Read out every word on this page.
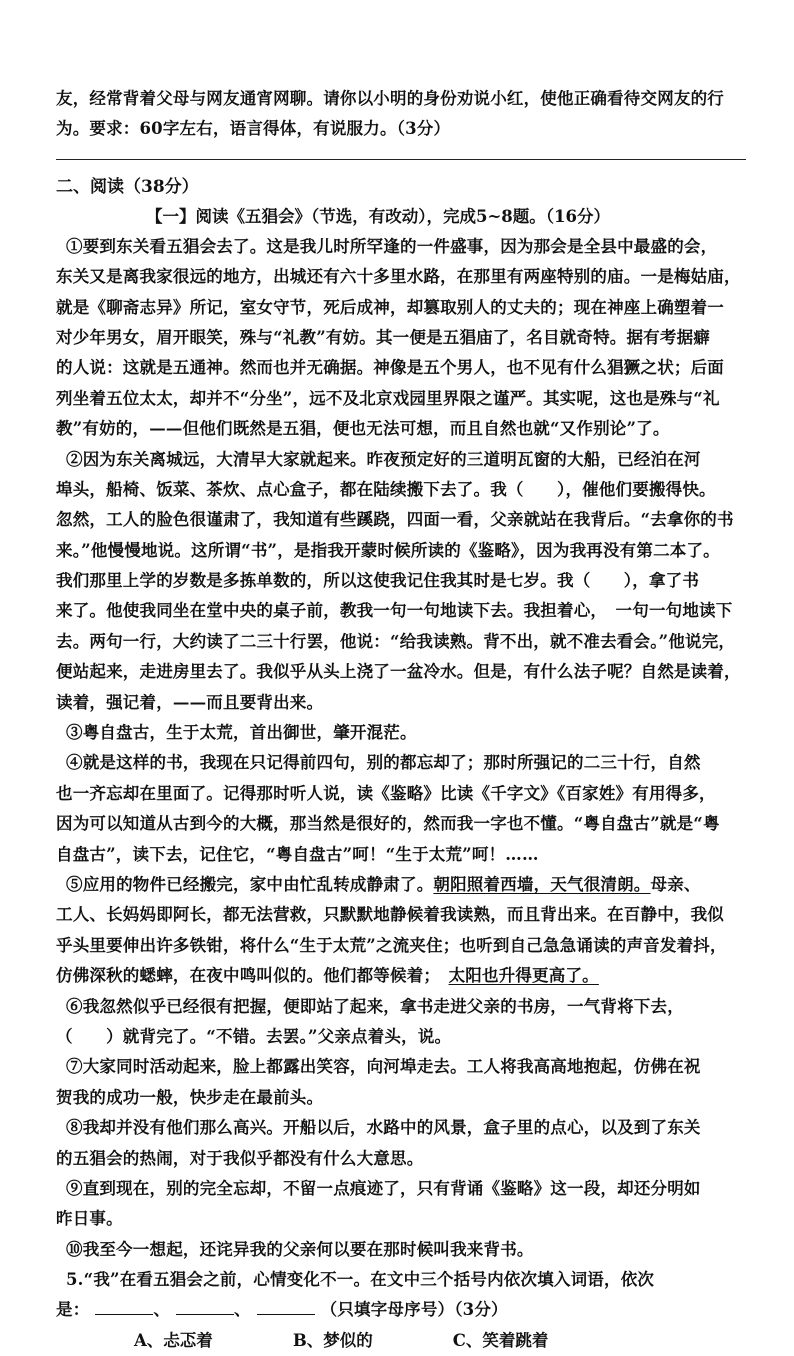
友，经常背着父母与网友通宵网聊。请你以小明的身份劝说小红，使他正确看待交网友的行
为。要求：60字左右，语言得体，有说服力。（3分）
二、阅读（38分）
【一】阅读《五猖会》（节选，有改动），完成5~8题。（16分）
①要到东关看五猖会去了。这是我儿时所罕逢的一件盛事，因为那会是全县中最盛的会，
东关又是离我家很远的地方，出城还有六十多里水路，在那里有两座特别的庙。一是梅姑庙，
就是《聊斋志异》所记，室女守节，死后成神，却篡取别人的丈夫的；现在神座上确塑着一
对少年男女，眉开眼笑，殊与“礼教”有妨。其一便是五猖庙了，名目就奇特。据有考据癖
的人说：这就是五通神。然而也并无确据。神像是五个男人，也不见有什么猖獗之状；后面
列坐着五位太太，却并不“分坐”，远不及北京戏园里界限之谨严。其实呢，这也是殊与“礼
教”有妨的，——但他们既然是五猖，便也无法可想，而且自然也就“又作别论”了。
②因为东关离城远，大清早大家就起来。昨夜预定好的三道明瓦窗的大船，已经泊在河
埠头，船椅、饭菜、茶炊、点心盒子，都在陆续搬下去了。我（　　），催他们要搬得快。
忽然，工人的脸色很谨肃了，我知道有些蹊跷，四面一看，父亲就站在我背后。“去拿你的书
来。”他慢慢地说。这所谓“书”，是指我开蒙时候所读的《鉴略》，因为我再没有第二本了。
我们那里上学的岁数是多拣单数的，所以这使我记住我其时是七岁。我（　　），拿了书
来了。他使我同坐在堂中央的桌子前，教我一句一句地读下去。我担着心，　一句一句地读下
去。两句一行，大约读了二三十行罢，他说：“给我读熟。背不出，就不准去看会。”他说完，
便站起来，走进房里去了。我似乎从头上浇了一盆冷水。但是，有什么法子呢？自然是读着，
读着，强记着，——而且要背出来。
③粤自盘古，生于太荒，首出御世，肇开混茫。
④就是这样的书，我现在只记得前四句，别的都忘却了；那时所强记的二三十行，自然
也一齐忘却在里面了。记得那时听人说，读《鉴略》比读《千字文》《百家姓》有用得多，
因为可以知道从古到今的大概，那当然是很好的，然而我一字也不懂。“粤自盘古”就是“粤
自盘古”，读下去，记住它，“粤自盘古”呵！“生于太荒”呵！……
⑤应用的物件已经搬完，家中由忙乱转成静肃了。朝阳照着西墙，天气很清朗。母亲、
工人、长妈妈即阿长，都无法营救，只默默地静候着我读熟，而且背出来。在百静中，我似
乎头里要伸出许多铁钳，将什么“生于太荒”之流夹住；也听到自己急急诵读的声音发着抖，
仿佛深秋的蟋蟀，在夜中鸣叫似的。他们都等候着；　太阳也升得更高了。
⑥我忽然似乎已经很有把握，便即站了起来，拿书走进父亲的书房，一气背将下去，
（　　）就背完了。“不错。去罢。”父亲点着头，说。
⑦大家同时活动起来，脸上都露出笑容，向河埠走去。工人将我高高地抱起，仿佛在祝
贺我的成功一般，快步走在最前头。
⑧我却并没有他们那么高兴。开船以后，水路中的风景，盒子里的点心，以及到了东关
的五猖会的热闹，对于我似乎都没有什么大意思。
⑨直到现在，别的完全忘却，不留一点痕迹了，只有背诵《鉴略》这一段，却还分明如
昨日事。
⑩我至今一想起，还诧异我的父亲何以要在那时候叫我来背书。
5.“我”在看五猖会之前，心情变化不一。在文中三个括号内依次填入词语，依次
是：	、	、	（只填字母序号）（3分）
A、忐忑着	B、梦似的	C、笑着跳着
